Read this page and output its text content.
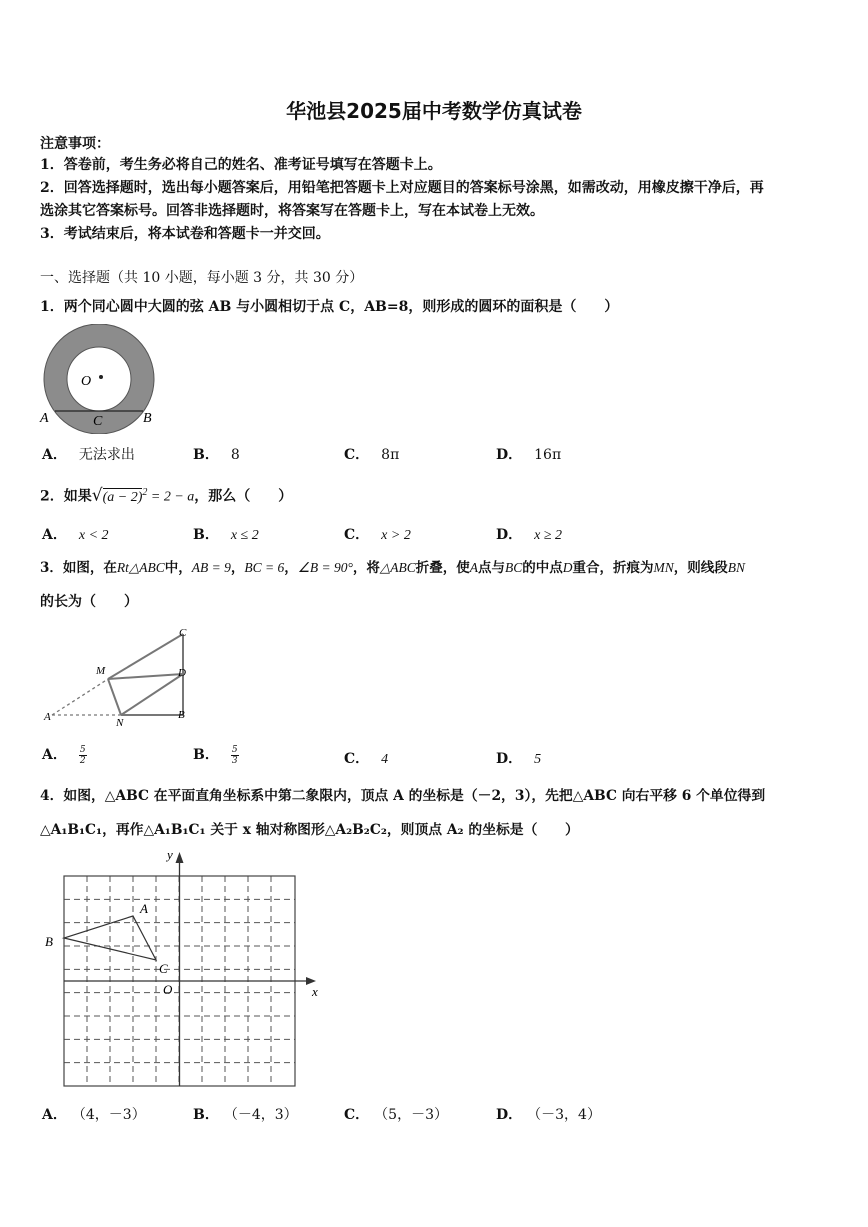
华池县2025届中考数学仿真试卷
注意事项：
1．答卷前，考生务必将自己的姓名、准考证号填写在答题卡上。
2．回答选择题时，选出每小题答案后，用铅笔把答题卡上对应题目的答案标号涂黑，如需改动，用橡皮擦干净后，再
选涂其它答案标号。回答非选择题时，将答案写在答题卡上，写在本试卷上无效。
3．考试结束后，将本试卷和答题卡一并交回。
一、选择题（共 10 小题，每小题 3 分，共 30 分）
1．两个同心圆中大圆的弦 AB 与小圆相切于点 C，AB=8，则形成的圆环的面积是（　　）
O
A	B
C
A． 无法求出	B． 8	C． 8π	D． 16π
2．如果$√(a - 2)^2 = 2 - a$，那么（　　）
A． x < 2	B． x ≤ 2	C． x > 2	D． x ≥ 2
3．如图，在Rt△ABC中，AB = 9，BC = 6，∠B = 90°，将△ABC折叠，使A点与BC的中点D重合，折痕为MN，则线段BN
的长为（　　）
C
D
B
M
N
A
A． $\frac{5}{2}$	B． $\frac{5}{3}$	C． 4	D． 5
4．如图，△ABC 在平面直角坐标系中第二象限内，顶点 A 的坐标是（－2，3），先把△ABC 向右平移 6 个单位得到
△A₁B₁C₁，再作△A₁B₁C₁ 关于 x 轴对称图形△A₂B₂C₂，则顶点 A₂ 的坐标是（　　）
A
B
C
O	x
y
A． （4，－3）	B． （－4，3）	C． （5，－3）	D． （－3，4）
